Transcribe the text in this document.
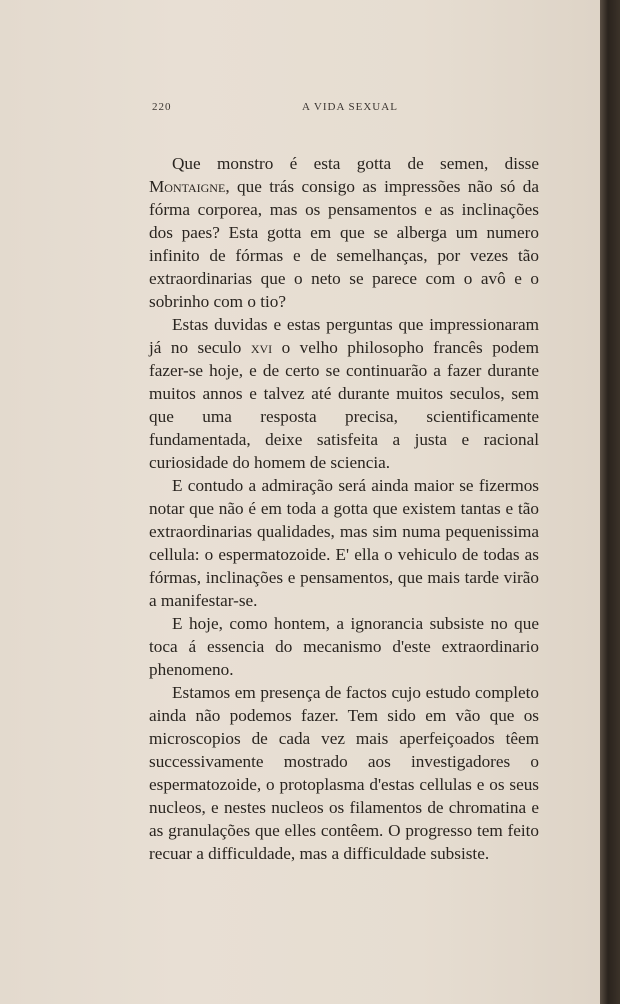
220	A VIDA SEXUAL

Que monstro é esta gotta de semen, disse Montaigne, que trás consigo as impressões não só da fórma corporea, mas os pensamentos e as inclinações dos paes? Esta gotta em que se alberga um numero infinito de fórmas e de semelhanças, por vezes tão extraordinarias que o neto se parece com o avô e o sobrinho com o tio?

Estas duvidas e estas perguntas que impressionaram já no seculo xvi o velho philosopho francês podem fazer-se hoje, e de certo se continuarão a fazer durante muitos annos e talvez até durante muitos seculos, sem que uma resposta precisa, scientificamente fundamentada, deixe satisfeita a justa e racional curiosidade do homem de sciencia.

E contudo a admiração será ainda maior se fizermos notar que não é em toda a gotta que existem tantas e tão extraordinarias qualidades, mas sim numa pequenissima cellula: o espermatozoide. E' ella o vehiculo de todas as fórmas, inclinações e pensamentos, que mais tarde virão a manifestar-se.

E hoje, como hontem, a ignorancia subsiste no que toca á essencia do mecanismo d'este extraordinario phenomeno.

Estamos em presença de factos cujo estudo completo ainda não podemos fazer. Tem sido em vão que os microscopios de cada vez mais aperfeiçoados têem successivamente mostrado aos investigadores o espermatozoide, o protoplasma d'estas cellulas e os seus nucleos, e nestes nucleos os filamentos de chromatina e as granulações que elles contêem. O progresso tem feito recuar a difficuldade, mas a difficuldade subsiste.
